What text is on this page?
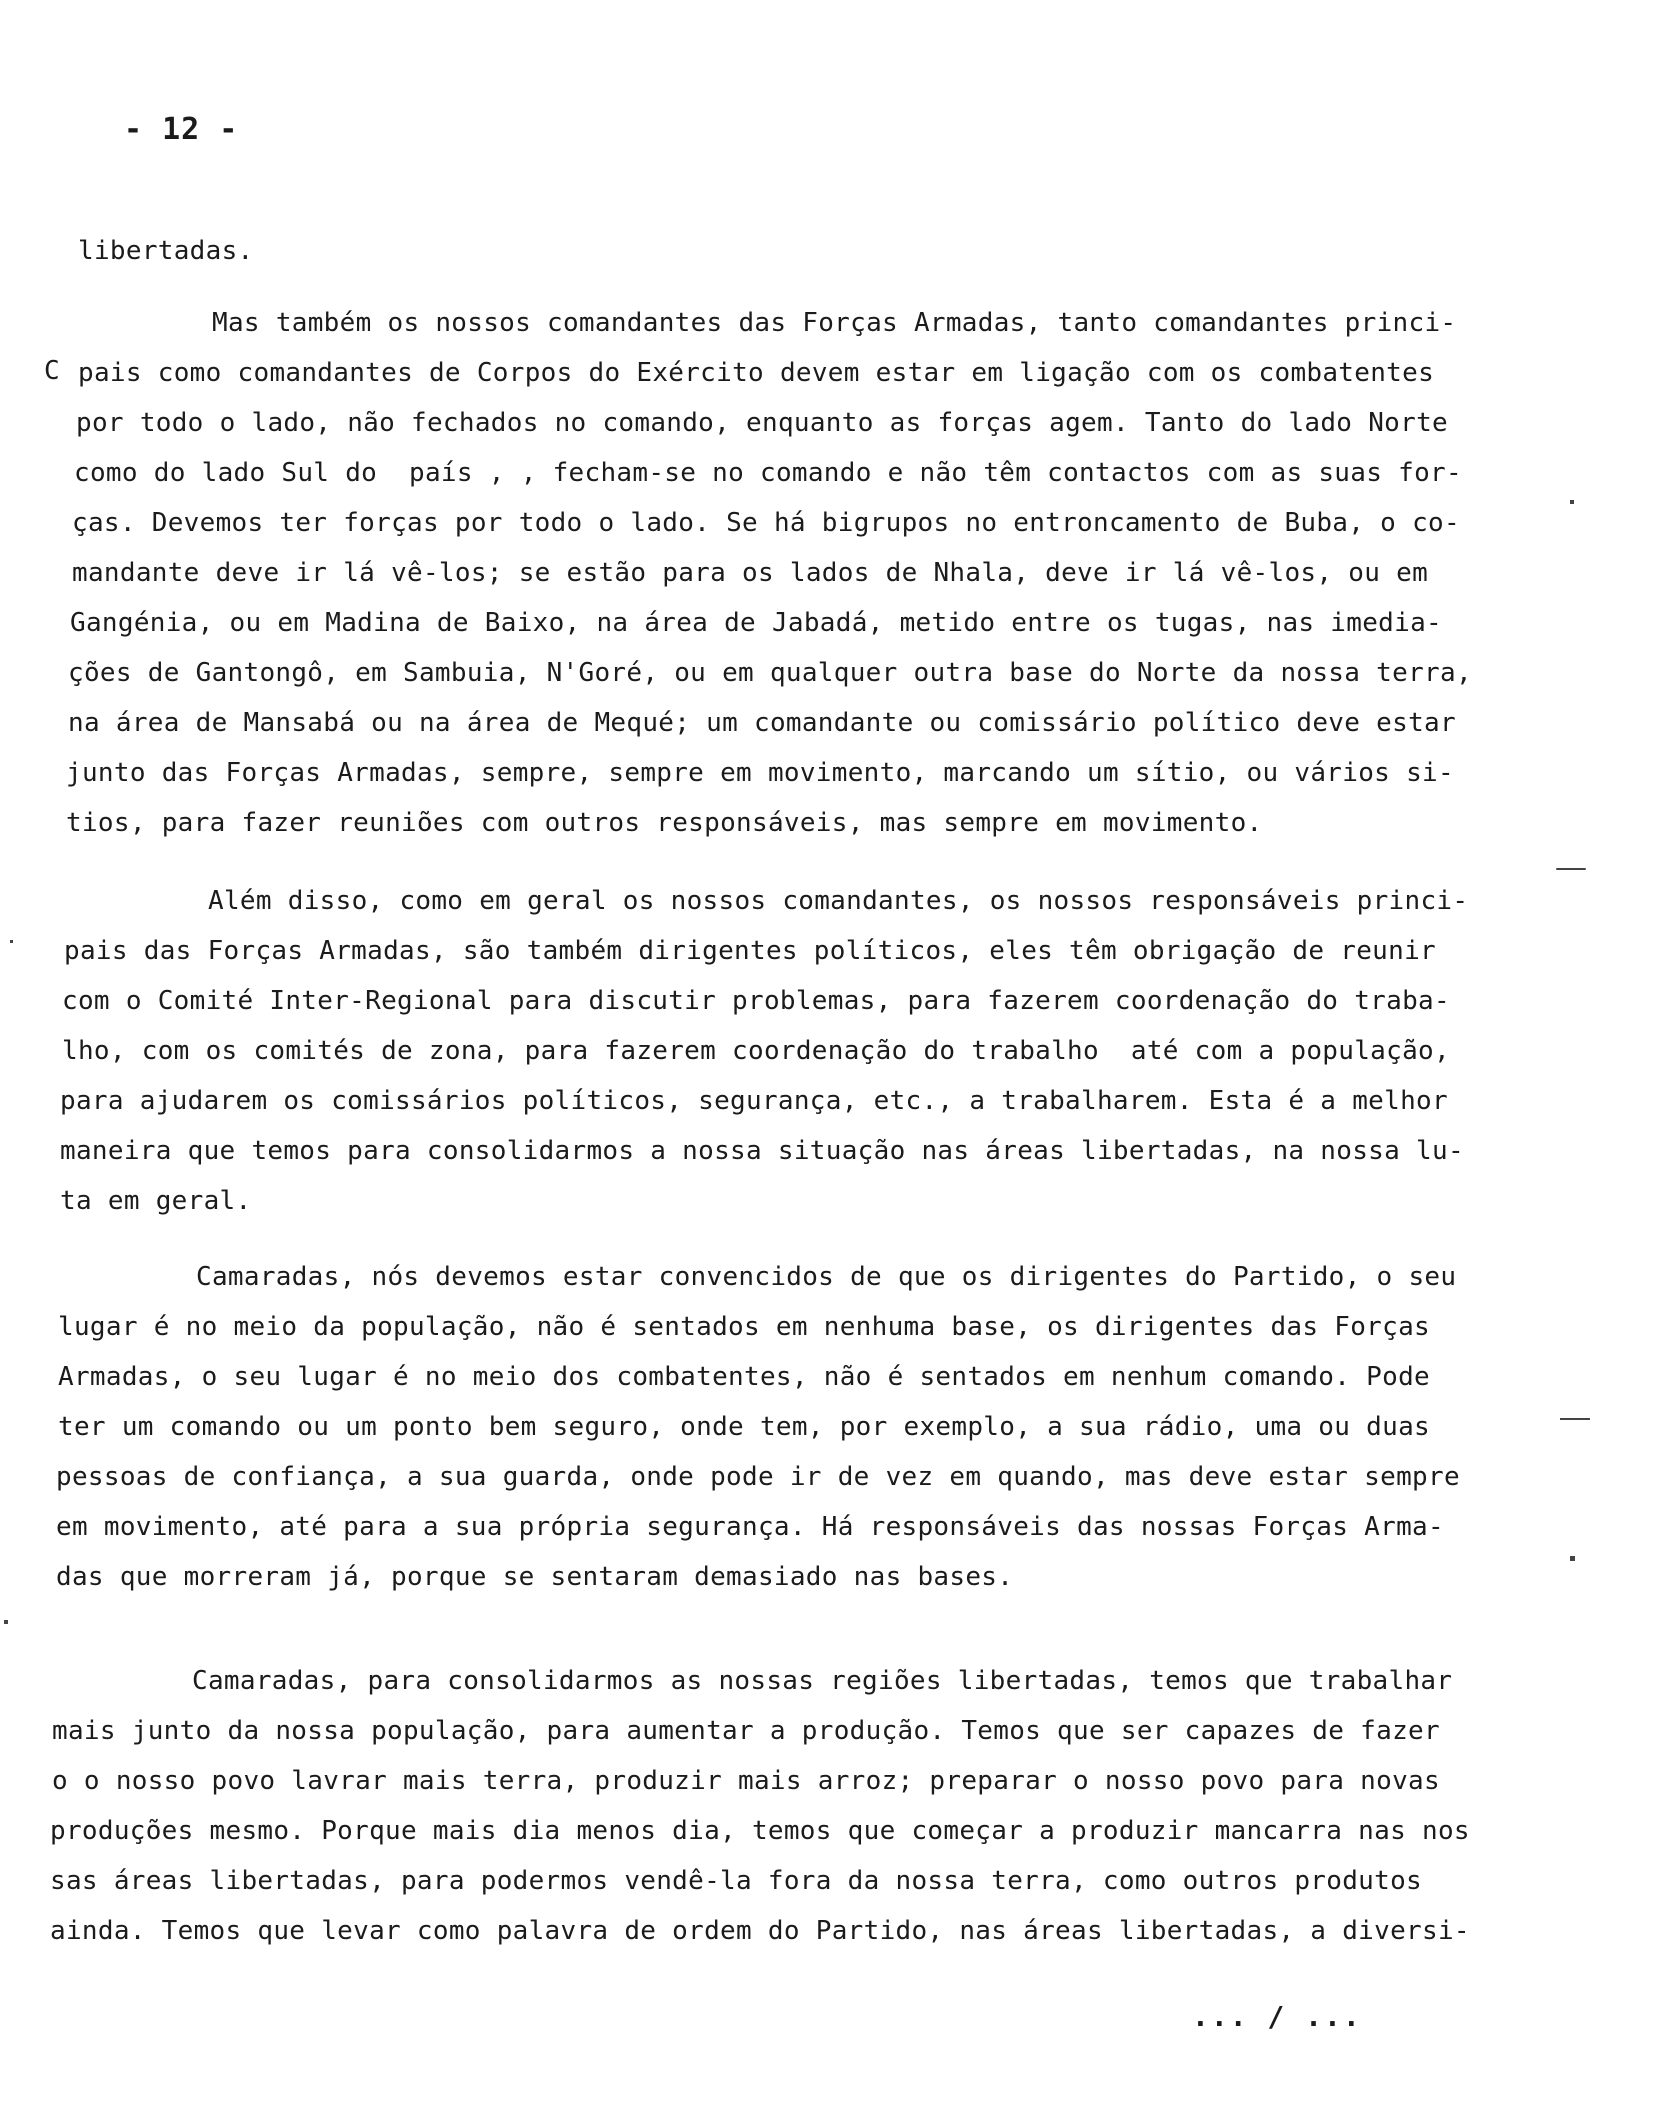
- 12 -
C
libertadas.
Mas também os nossos comandantes das Forças Armadas, tanto comandantes princi-
pais como comandantes de Corpos do Exército devem estar em ligação com os combatentes
por todo o lado, não fechados no comando, enquanto as forças agem. Tanto do lado Norte
como do lado Sul do  país , , fecham-se no comando e não têm contactos com as suas for-
ças. Devemos ter forças por todo o lado. Se há bigrupos no entroncamento de Buba, o co-
mandante deve ir lá vê-los; se estão para os lados de Nhala, deve ir lá vê-los, ou em
Gangénia, ou em Madina de Baixo, na área de Jabadá, metido entre os tugas, nas imedia-
ções de Gantongô, em Sambuia, N'Goré, ou em qualquer outra base do Norte da nossa terra,
na área de Mansabá ou na área de Mequé; um comandante ou comissário político deve estar
junto das Forças Armadas, sempre, sempre em movimento, marcando um sítio, ou vários si-
tios, para fazer reuniões com outros responsáveis, mas sempre em movimento.
Além disso, como em geral os nossos comandantes, os nossos responsáveis princi-
pais das Forças Armadas, são também dirigentes políticos, eles têm obrigação de reunir
com o Comité Inter-Regional para discutir problemas, para fazerem coordenação do traba-
lho, com os comités de zona, para fazerem coordenação do trabalho  até com a população,
para ajudarem os comissários políticos, segurança, etc., a trabalharem. Esta é a melhor
maneira que temos para consolidarmos a nossa situação nas áreas libertadas, na nossa lu-
ta em geral.
Camaradas, nós devemos estar convencidos de que os dirigentes do Partido, o seu
lugar é no meio da população, não é sentados em nenhuma base, os dirigentes das Forças
Armadas, o seu lugar é no meio dos combatentes, não é sentados em nenhum comando. Pode
ter um comando ou um ponto bem seguro, onde tem, por exemplo, a sua rádio, uma ou duas
pessoas de confiança, a sua guarda, onde pode ir de vez em quando, mas deve estar sempre
em movimento, até para a sua própria segurança. Há responsáveis das nossas Forças Arma-
das que morreram já, porque se sentaram demasiado nas bases.
Camaradas, para consolidarmos as nossas regiões libertadas, temos que trabalhar
mais junto da nossa população, para aumentar a produção. Temos que ser capazes de fazer
o o nosso povo lavrar mais terra, produzir mais arroz; preparar o nosso povo para novas
produções mesmo. Porque mais dia menos dia, temos que começar a produzir mancarra nas nos
sas áreas libertadas, para podermos vendê-la fora da nossa terra, como outros produtos
ainda. Temos que levar como palavra de ordem do Partido, nas áreas libertadas, a diversi-
... / ...
